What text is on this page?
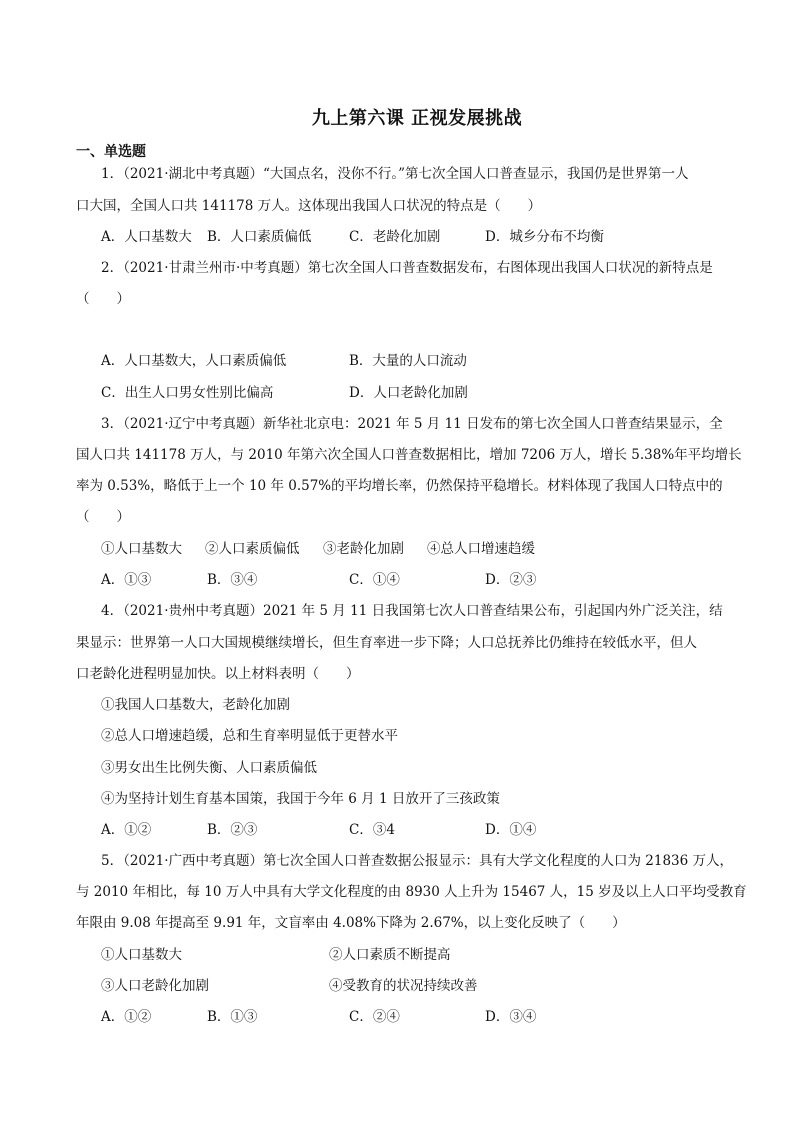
九上第六课 正视发展挑战
一、单选题
1．（2021·湖北中考真题）“大国点名，没你不行。”第七次全国人口普查显示，我国仍是世界第一人
口大国，全国人口共 141178 万人。这体现出我国人口状况的特点是（　　）
A．人口基数大 B．人口素质偏低	C．老龄化加剧	D．城乡分布不均衡
2．（2021·甘肃兰州市·中考真题）第七次全国人口普查数据发布，右图体现出我国人口状况的新特点是
（　　）
A．人口基数大，人口素质偏低	B．大量的人口流动
C．出生人口男女性别比偏高	D．人口老龄化加剧
3．（2021·辽宁中考真题）新华社北京电：2021 年 5 月 11 日发布的第七次全国人口普查结果显示，全
国人口共 141178 万人，与 2010 年第六次全国人口普查数据相比，增加 7206 万人，增长 5.38%年平均增长
率为 0.53%，略低于上一个 10 年 0.57%的平均增长率，仍然保持平稳增长。材料体现了我国人口特点中的
（　　）
①人口基数大 ②人口素质偏低 ③老龄化加剧 ④总人口增速趋缓
A．①③	B．③④	C．①④	D．②③
4．（2021·贵州中考真题）2021 年 5 月 11 日我国第七次人口普查结果公布，引起国内外广泛关注，结
果显示：世界第一人口大国规模继续增长，但生育率进一步下降；人口总抚养比仍维持在较低水平，但人
口老龄化进程明显加快。以上材料表明（　　）
①我国人口基数大，老龄化加剧
②总人口增速趋缓，总和生育率明显低于更替水平
③男女出生比例失衡、人口素质偏低
④为坚持计划生育基本国策，我国于今年 6 月 1 日放开了三孩政策
A．①②	B．②③	C．③4	D．①④
5．（2021·广西中考真题）第七次全国人口普查数据公报显示：具有大学文化程度的人口为 21836 万人，
与 2010 年相比，每 10 万人中具有大学文化程度的由 8930 人上升为 15467 人，15 岁及以上人口平均受教育
年限由 9.08 年提高至 9.91 年，文盲率由 4.08%下降为 2.67%，以上变化反映了（　　）
①人口基数大	②人口素质不断提高
③人口老龄化加剧	④受教育的状况持续改善
A．①②	B．①③	C．②④	D．③④
